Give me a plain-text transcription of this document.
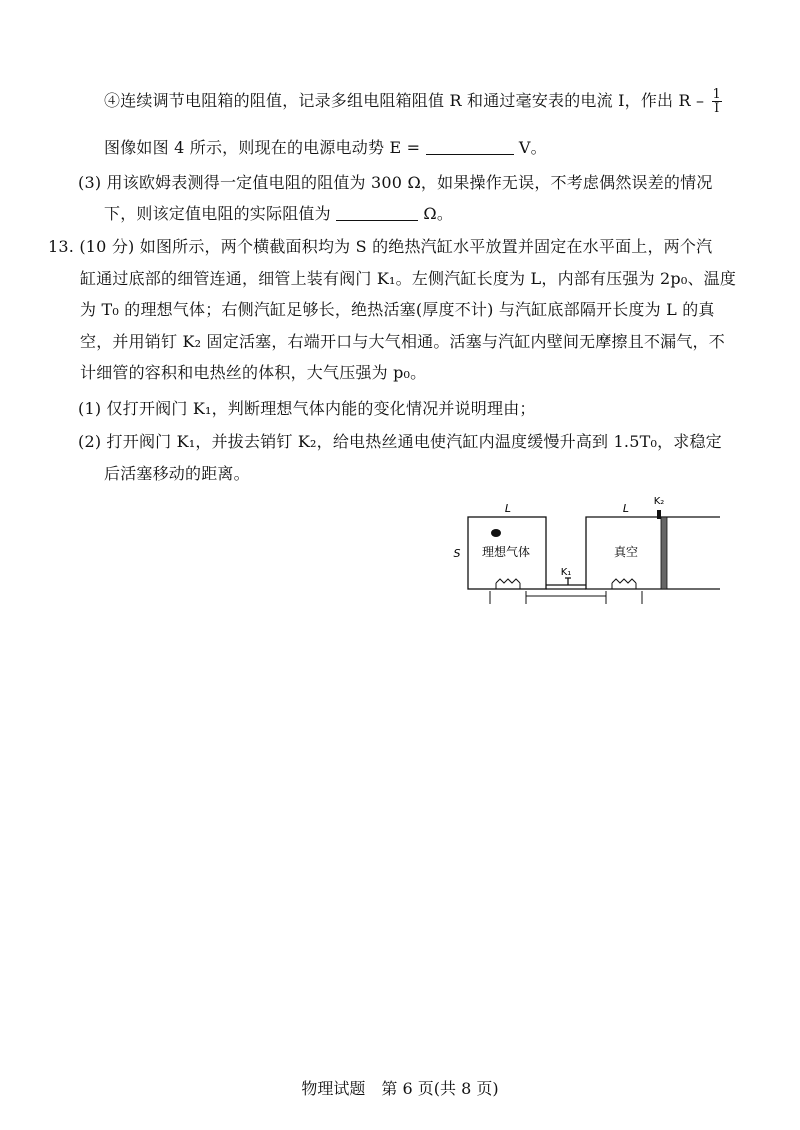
④连续调节电阻箱的阻值，记录多组电阻箱阻值 R 和通过毫安表的电流 I，作出 R – $\frac{1}{I}$
图像如图 4 所示，则现在的电源电动势 E =	V。
(3) 用该欧姆表测得一定值电阻的阻值为 300 Ω，如果操作无误，不考虑偶然误差的情况
下，则该定值电阻的实际阻值为	Ω。
13. (10 分) 如图所示，两个横截面积均为 S 的绝热汽缸水平放置并固定在水平面上，两个汽
缸通过底部的细管连通，细管上装有阀门 K₁。左侧汽缸长度为 L，内部有压强为 2p₀、温度
为 T₀ 的理想气体；右侧汽缸足够长，绝热活塞(厚度不计) 与汽缸底部隔开长度为 L 的真
空，并用销钉 K₂ 固定活塞，右端开口与大气相通。活塞与汽缸内壁间无摩擦且不漏气，不
计细管的容积和电热丝的体积，大气压强为 p₀。
(1) 仅打开阀门 K₁，判断理想气体内能的变化情况并说明理由；
(2) 打开阀门 K₁，并拔去销钉 K₂，给电热丝通电使汽缸内温度缓慢升高到 1.5T₀，求稳定
后活塞移动的距离。
L	L
K₂
S 理想气体
K₁
真空
物理试题　第 6 页(共 8 页)
